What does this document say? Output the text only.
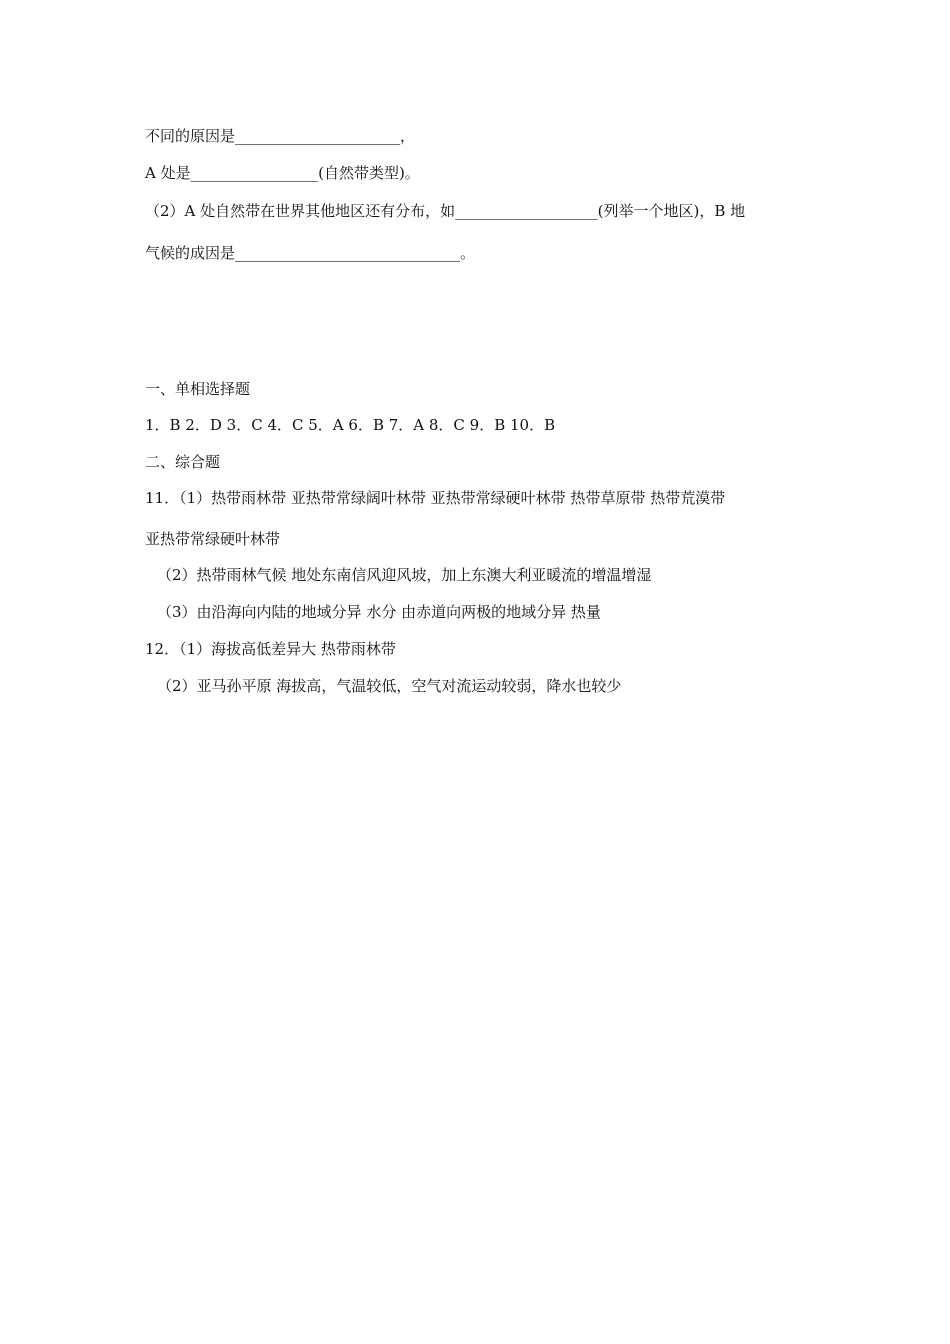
不同的原因是______________________，
A 处是_________________(自然带类型)。
（2）A 处自然带在世界其他地区还有分布，如___________________(列举一个地区)，B 地
气候的成因是______________________________。
一、单相选择题
1．B 2．D 3．C 4．C 5．A 6．B 7．A 8．C 9．B 10．B
二、综合题
11．（1）热带雨林带 亚热带常绿阔叶林带 亚热带常绿硬叶林带 热带草原带 热带荒漠带
亚热带常绿硬叶林带
（2）热带雨林气候 地处东南信风迎风坡，加上东澳大利亚暖流的增温增湿
（3）由沿海向内陆的地域分异 水分 由赤道向两极的地域分异 热量
12．（1）海拔高低差异大 热带雨林带
（2）亚马孙平原 海拔高，气温较低，空气对流运动较弱，降水也较少
